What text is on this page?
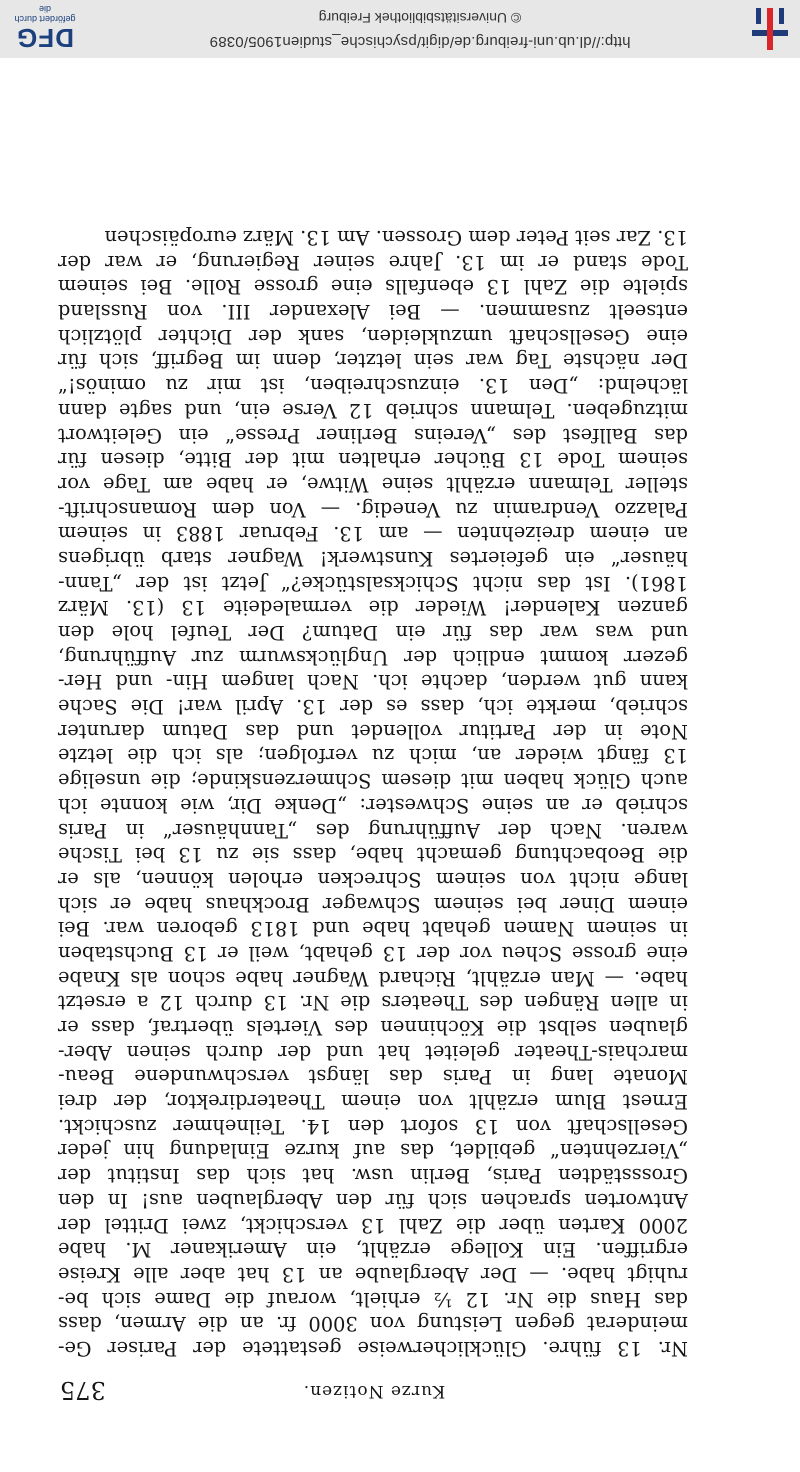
http://dl.ub.uni-freiburg.de/digit/psychische_studien1905/0389
© Universitätsbibliothek Freiburg
DFG
gefördert durch die
Kurze Notizen.
375
Nr. 13 führe. Glücklicherweise gestattete der Pariser Ge-
meinderat gegen Leistung von 3000 fr. an die Armen, dass
das Haus die Nr. 12 ½ erhielt, worauf die Dame sich be-
ruhigt habe. — Der Aberglaube an 13 hat aber alle Kreise
ergriffen. Ein Kollege erzählt, ein Amerikaner M. habe
2000 Karten über die Zahl 13 verschickt, zwei Drittel der
Antworten sprachen sich für den Aberglauben aus! In den
Grossstädten Paris, Berlin usw. hat sich das Institut der
„Vierzehnten“ gebildet, das auf kurze Einladung hin jeder
Gesellschaft von 13 sofort den 14. Teilnehmer zuschickt.
Ernest Blum erzählt von einem Theaterdirektor, der drei
Monate lang in Paris das längst verschwundene Beau-
marchais-Theater geleitet hat und der durch seinen Aber-
glauben selbst die Köchinnen des Viertels übertraf, dass er
in allen Rängen des Theaters die Nr. 13 durch 12 a ersetzt
habe. — Man erzählt, Richard Wagner habe schon als Knabe
eine grosse Scheu vor der 13 gehabt, weil er 13 Buchstaben
in seinem Namen gehabt habe und 1813 geboren war. Bei
einem Diner bei seinem Schwager Brockhaus habe er sich
lange nicht von seinem Schrecken erholen können, als er
die Beobachtung gemacht habe, dass sie zu 13 bei Tische
waren. Nach der Aufführung des „Tannhäuser“ in Paris
schrieb er an seine Schwester: „Denke Dir, wie konnte ich
auch Glück haben mit diesem Schmerzenskinde; die unselige
13 fängt wieder an, mich zu verfolgen; als ich die letzte
Note in der Partitur vollendet und das Datum darunter
schrieb, merkte ich, dass es der 13. April war! Die Sache
kann gut werden, dachte ich. Nach langem Hin- und Her-
gezerr kommt endlich der Unglückswurm zur Aufführung,
und was war das für ein Datum? Der Teufel hole den
ganzen Kalender! Wieder die vermaledeite 13 (13. März
1861). Ist das nicht Schicksalstücke?“ Jetzt ist der „Tann-
häuser“ ein gefeiertes Kunstwerk! Wagner starb übrigens
an einem dreizehnten — am 13. Februar 1883 in seinem
Palazzo Vendramin zu Venedig. — Von dem Romanschrift-
steller Telmann erzählt seine Witwe, er habe am Tage vor
seinem Tode 13 Bücher erhalten mit der Bitte, diesen für
das Ballfest des „Vereins Berliner Presse“ ein Geleitwort
mitzugeben. Telmann schrieb 12 Verse ein, und sagte dann
lächelnd: „Den 13. einzuschreiben, ist mir zu ominös!“
Der nächste Tag war sein letzter, denn im Begriff, sich für
eine Gesellschaft umzukleiden, sank der Dichter plötzlich
entseelt zusammen. — Bei Alexander III. von Russland
spielte die Zahl 13 ebenfalls eine grosse Rolle. Bei seinem
Tode stand er im 13. Jahre seiner Regierung, er war der
13. Zar seit Peter dem Grossen. Am 13. März europäischen
